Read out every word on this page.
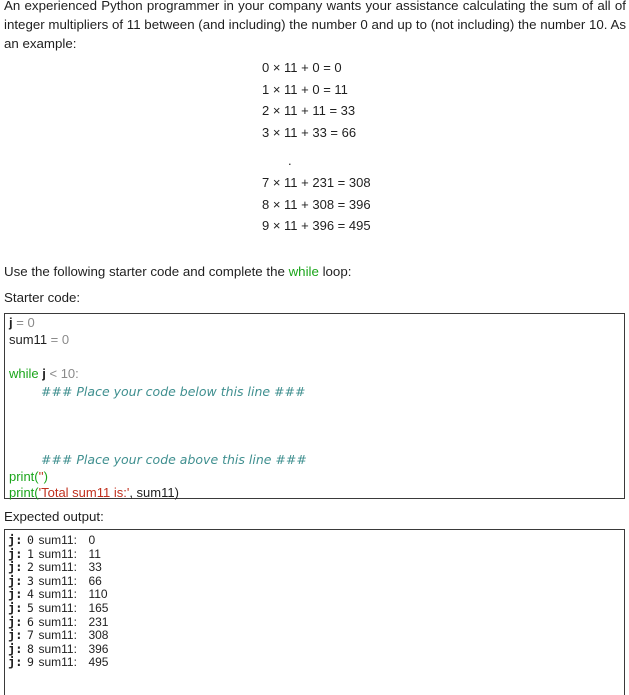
An experienced Python programmer in your company wants your assistance calculating the sum of all of integer multipliers of 11 between (and including) the number 0 and up to (not including) the number 10. As an example:

0 × 11 + 0 = 0
1 × 11 + 0 = 11
2 × 11 + 11 = 33
3 × 11 + 33 = 66
.
7 × 11 + 231 = 308
8 × 11 + 308 = 396
9 × 11 + 396 = 495

Use the following starter code and complete the while loop:

Starter code:

j = 0
sum11 = 0
while j < 10:
### Place your code below this line ###
### Place your code above this line ###
print('')
print('Total sum11 is:', sum11)

Expected output:

j: 0 sum11: 0
j: 1 sum11: 11
j: 2 sum11: 33
j: 3 sum11: 66
j: 4 sum11: 110
j: 5 sum11: 165
j: 6 sum11: 231
j: 7 sum11: 308
j: 8 sum11: 396
j: 9 sum11: 495
